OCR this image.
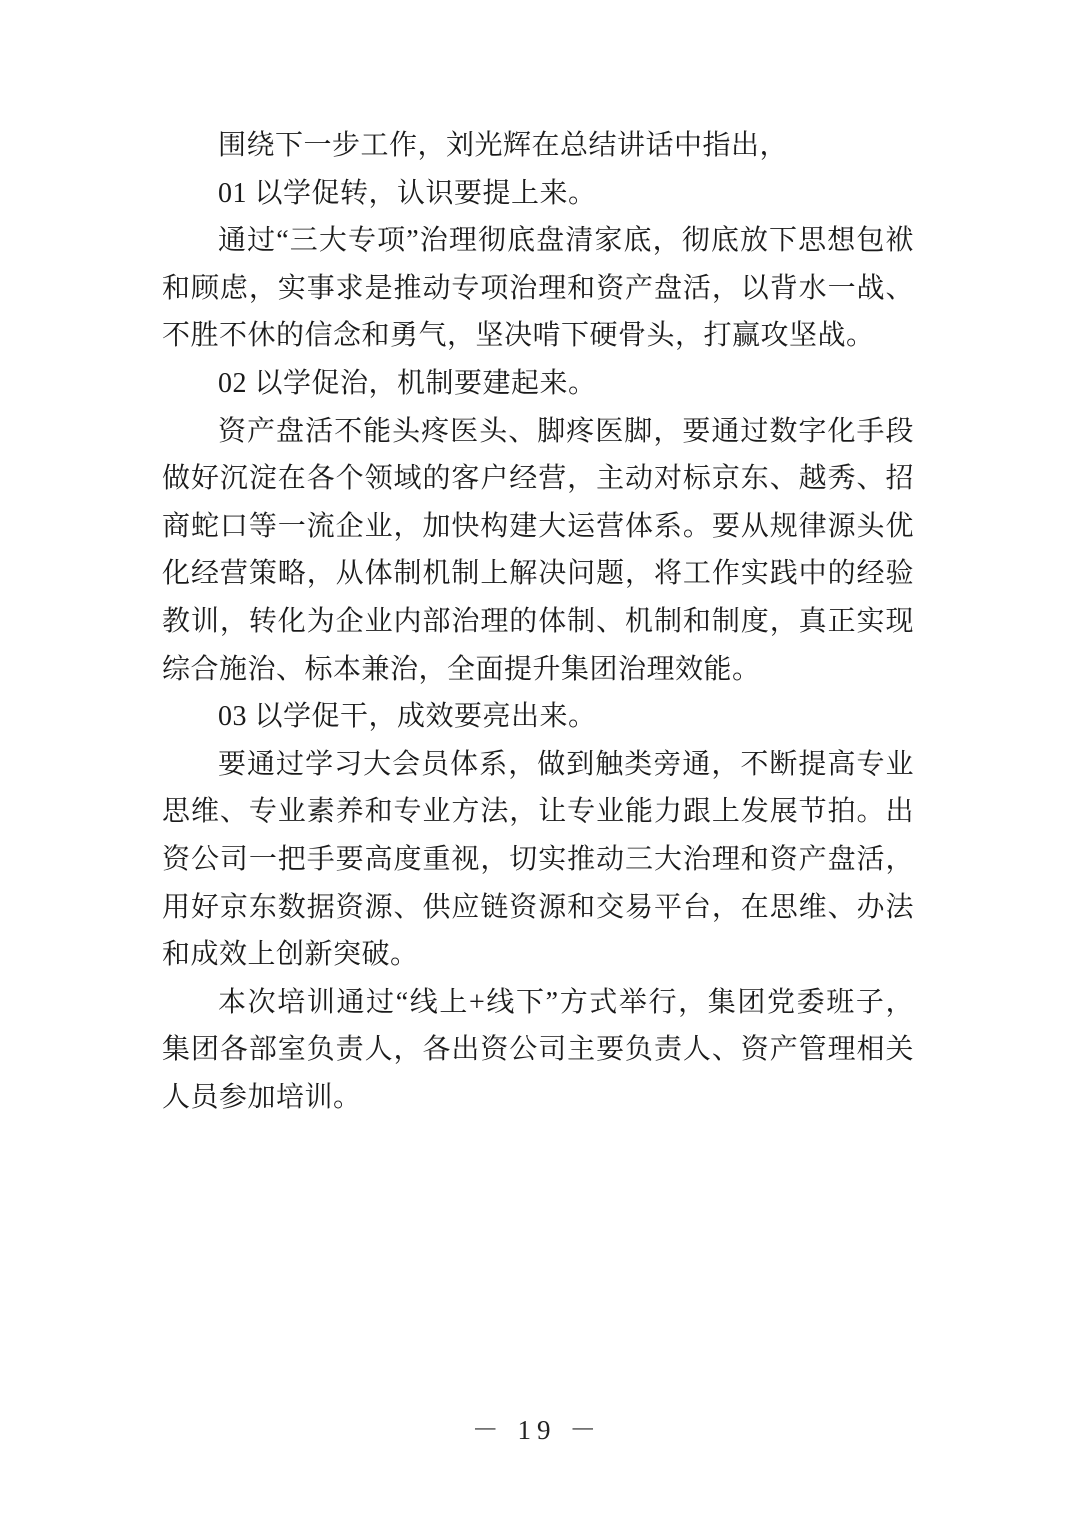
围绕下一步工作，刘光辉在总结讲话中指出，

01 以学促转，认识要提上来。

通过“三大专项”治理彻底盘清家底，彻底放下思想包袱和顾虑，实事求是推动专项治理和资产盘活，以背水一战、不胜不休的信念和勇气，坚决啃下硬骨头，打赢攻坚战。

02 以学促治，机制要建起来。

资产盘活不能头疼医头、脚疼医脚，要通过数字化手段做好沉淀在各个领域的客户经营，主动对标京东、越秀、招商蛇口等一流企业，加快构建大运营体系。要从规律源头优化经营策略，从体制机制上解决问题，将工作实践中的经验教训，转化为企业内部治理的体制、机制和制度，真正实现综合施治、标本兼治，全面提升集团治理效能。

03 以学促干，成效要亮出来。

要通过学习大会员体系，做到触类旁通，不断提高专业思维、专业素养和专业方法，让专业能力跟上发展节拍。出资公司一把手要高度重视，切实推动三大治理和资产盘活，用好京东数据资源、供应链资源和交易平台，在思维、办法和成效上创新突破。

本次培训通过“线上+线下”方式举行，集团党委班子，集团各部室负责人，各出资公司主要负责人、资产管理相关人员参加培训。

－ 19 －
